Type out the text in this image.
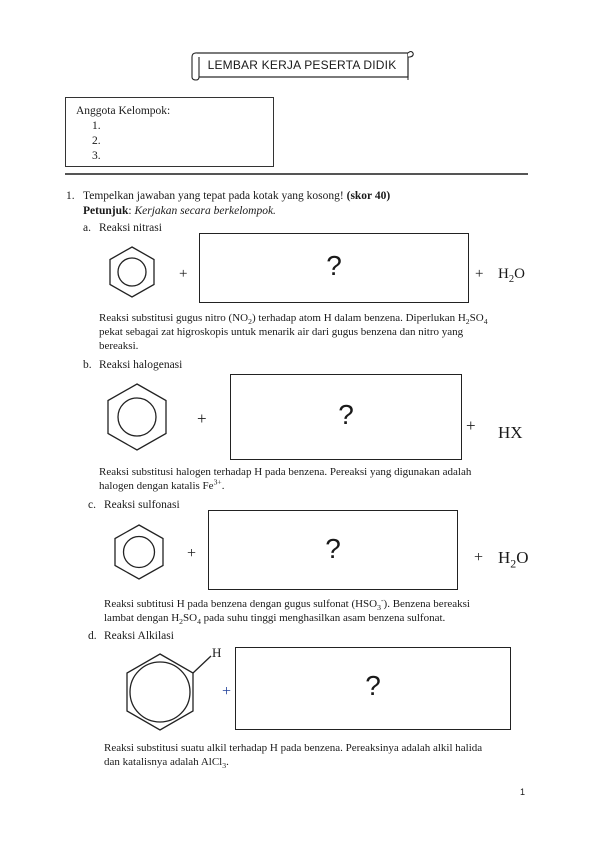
LEMBAR KERJA PESERTA DIDIK
Anggota Kelompok:
1.
2.
3.
1. Tempelkan jawaban yang tepat pada kotak yang kosong! (skor 40)
Petunjuk: Kerjakan secara berkelompok.
a. Reaksi nitrasi
+	?	+ $H_2O$
Reaksi substitusi gugus nitro $(NO_2)$ terhadap atom H dalam benzena. Diperlukan $H_2SO_4$
pekat sebagai zat higroskopis untuk menarik air dari gugus benzena dan nitro yang
bereaksi.
b. Reaksi halogenasi
+	?	+ HX
Reaksi substitusi halogen terhadap H pada benzena. Pereaksi yang digunakan adalah
halogen dengan katalis $Fe^{3+}$.
c. Reaksi sulfonasi
+	?	+ $H_2O$
Reaksi subtitusi H pada benzena dengan gugus sulfonat $(HSO_3^-)$. Benzena bereaksi
lambat dengan $H_2SO_4$ pada suhu tinggi menghasilkan asam benzena sulfonat.
d. Reaksi Alkilasi
H
+	?
Reaksi substitusi suatu alkil terhadap H pada benzena. Pereaksinya adalah alkil halida
dan katalisnya adalah AlCl$_3$.
1
